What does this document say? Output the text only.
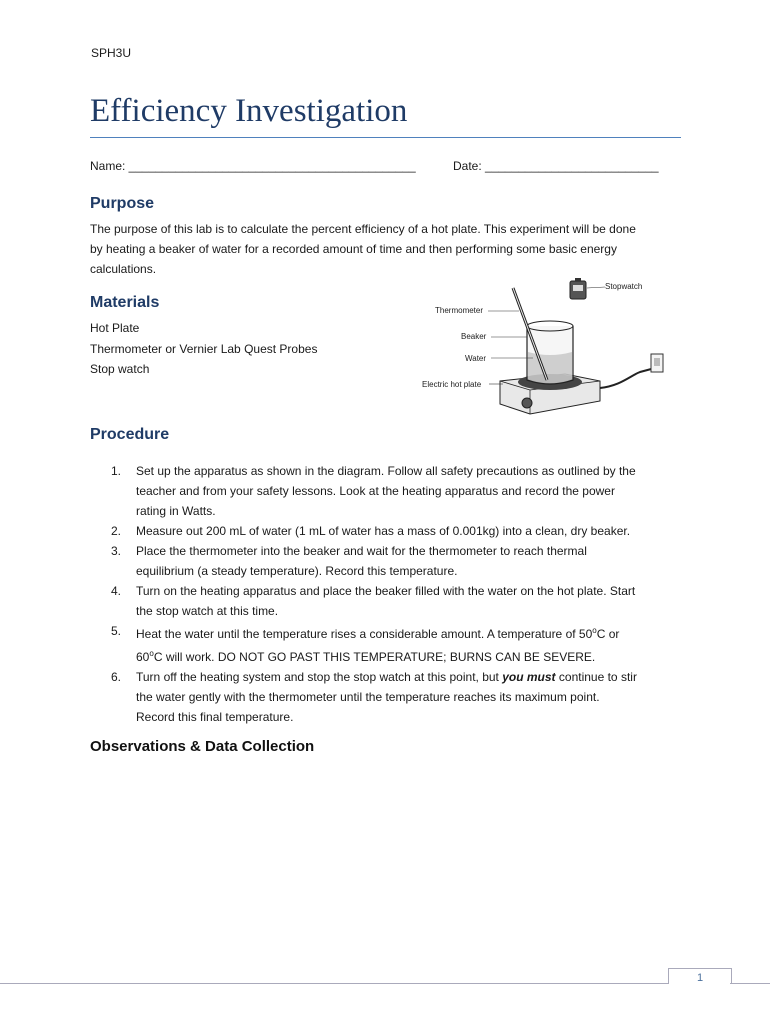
SPH3U
Efficiency Investigation
Name: ___________________________________________	Date: __________________________
Purpose
The purpose of this lab is to calculate the percent efficiency of a hot plate. This experiment will be done
by heating a beaker of water for a recorded amount of time and then performing some basic energy
calculations.
Materials
Hot Plate
Thermometer or Vernier Lab Quest Probes
Stop watch
Stopwatch
Thermometer
Beaker
Water
Electric hot plate
Procedure
1.	Set up the apparatus as shown in the diagram. Follow all safety precautions as outlined by the
teacher and from your safety lessons. Look at the heating apparatus and record the power
rating in Watts.
2.	Measure out 200 mL of water (1 mL of water has a mass of 0.001kg) into a clean, dry beaker.
3.	Place the thermometer into the beaker and wait for the thermometer to reach thermal
equilibrium (a steady temperature). Record this temperature.
4.	Turn on the heating apparatus and place the beaker filled with the water on the hot plate. Start
the stop watch at this time.
5.	Heat the water until the temperature rises a considerable amount. A temperature of 50$^o$C or
60$^o$C will work. DO NOT GO PAST THIS TEMPERATURE; BURNS CAN BE SEVERE.
6.	Turn off the heating system and stop the stop watch at this point, but you must continue to stir
the water gently with the thermometer until the temperature reaches its maximum point.
Record this final temperature.
Observations & Data Collection
1
